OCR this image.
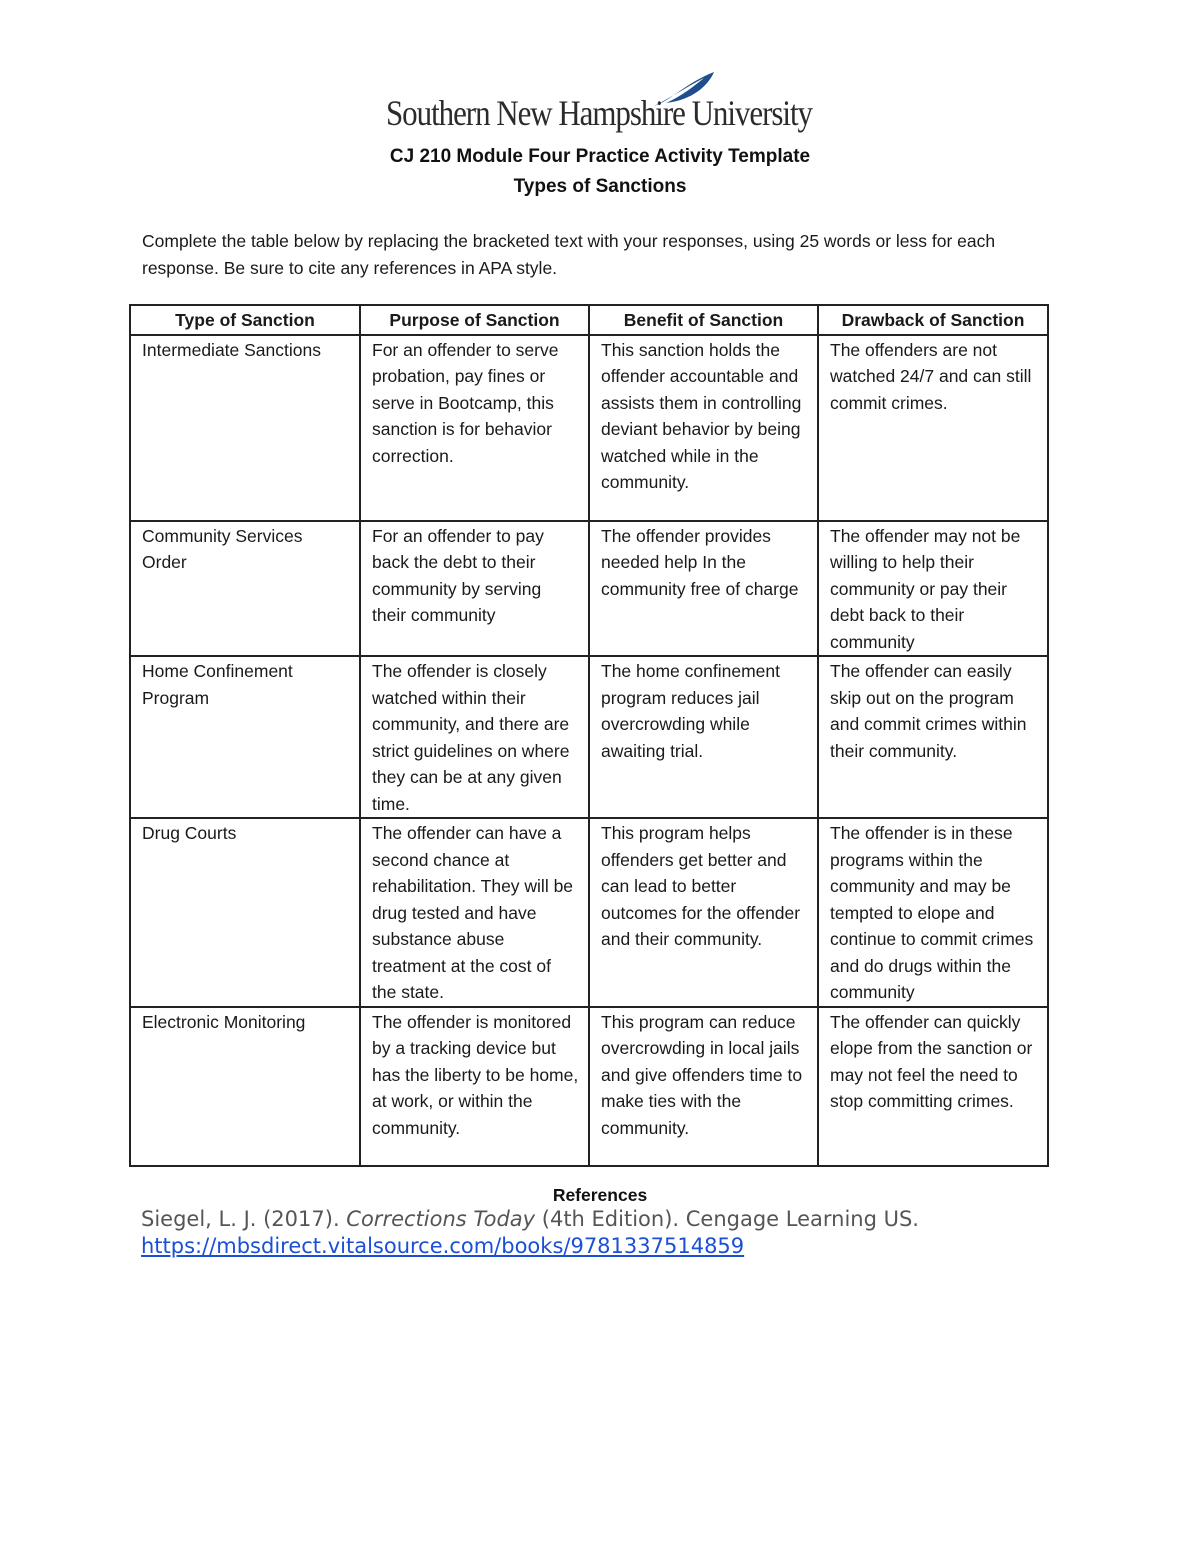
Southern New Hampshire University
CJ 210 Module Four Practice Activity Template
Types of Sanctions
Complete the table below by replacing the bracketed text with your responses, using 25 words or less for each response. Be sure to cite any references in APA style.
Type of Sanction	Purpose of Sanction	Benefit of Sanction	Drawback of Sanction
Intermediate Sanctions	For an offender to serve probation, pay fines or serve in Bootcamp, this sanction is for behavior correction.	This sanction holds the offender accountable and assists them in controlling deviant behavior by being watched while in the community.	The offenders are not watched 24/7 and can still commit crimes.
Community Services Order	For an offender to pay back the debt to their community by serving their community	The offender provides needed help In the community free of charge	The offender may not be willing to help their community or pay their debt back to their community
Home Confinement Program	The offender is closely watched within their community, and there are strict guidelines on where they can be at any given time.	The home confinement program reduces jail overcrowding while awaiting trial.	The offender can easily skip out on the program and commit crimes within their community.
Drug Courts	The offender can have a second chance at rehabilitation. They will be drug tested and have substance abuse treatment at the cost of the state.	This program helps offenders get better and can lead to better outcomes for the offender and their community.	The offender is in these programs within the community and may be tempted to elope and continue to commit crimes and do drugs within the community
Electronic Monitoring	The offender is monitored by a tracking device but has the liberty to be home, at work, or within the community.	This program can reduce overcrowding in local jails and give offenders time to make ties with the community.	The offender can quickly elope from the sanction or may not feel the need to stop committing crimes.
References
Siegel, L. J. (2017). Corrections Today (4th Edition). Cengage Learning US. https://mbsdirect.vitalsource.com/books/9781337514859
